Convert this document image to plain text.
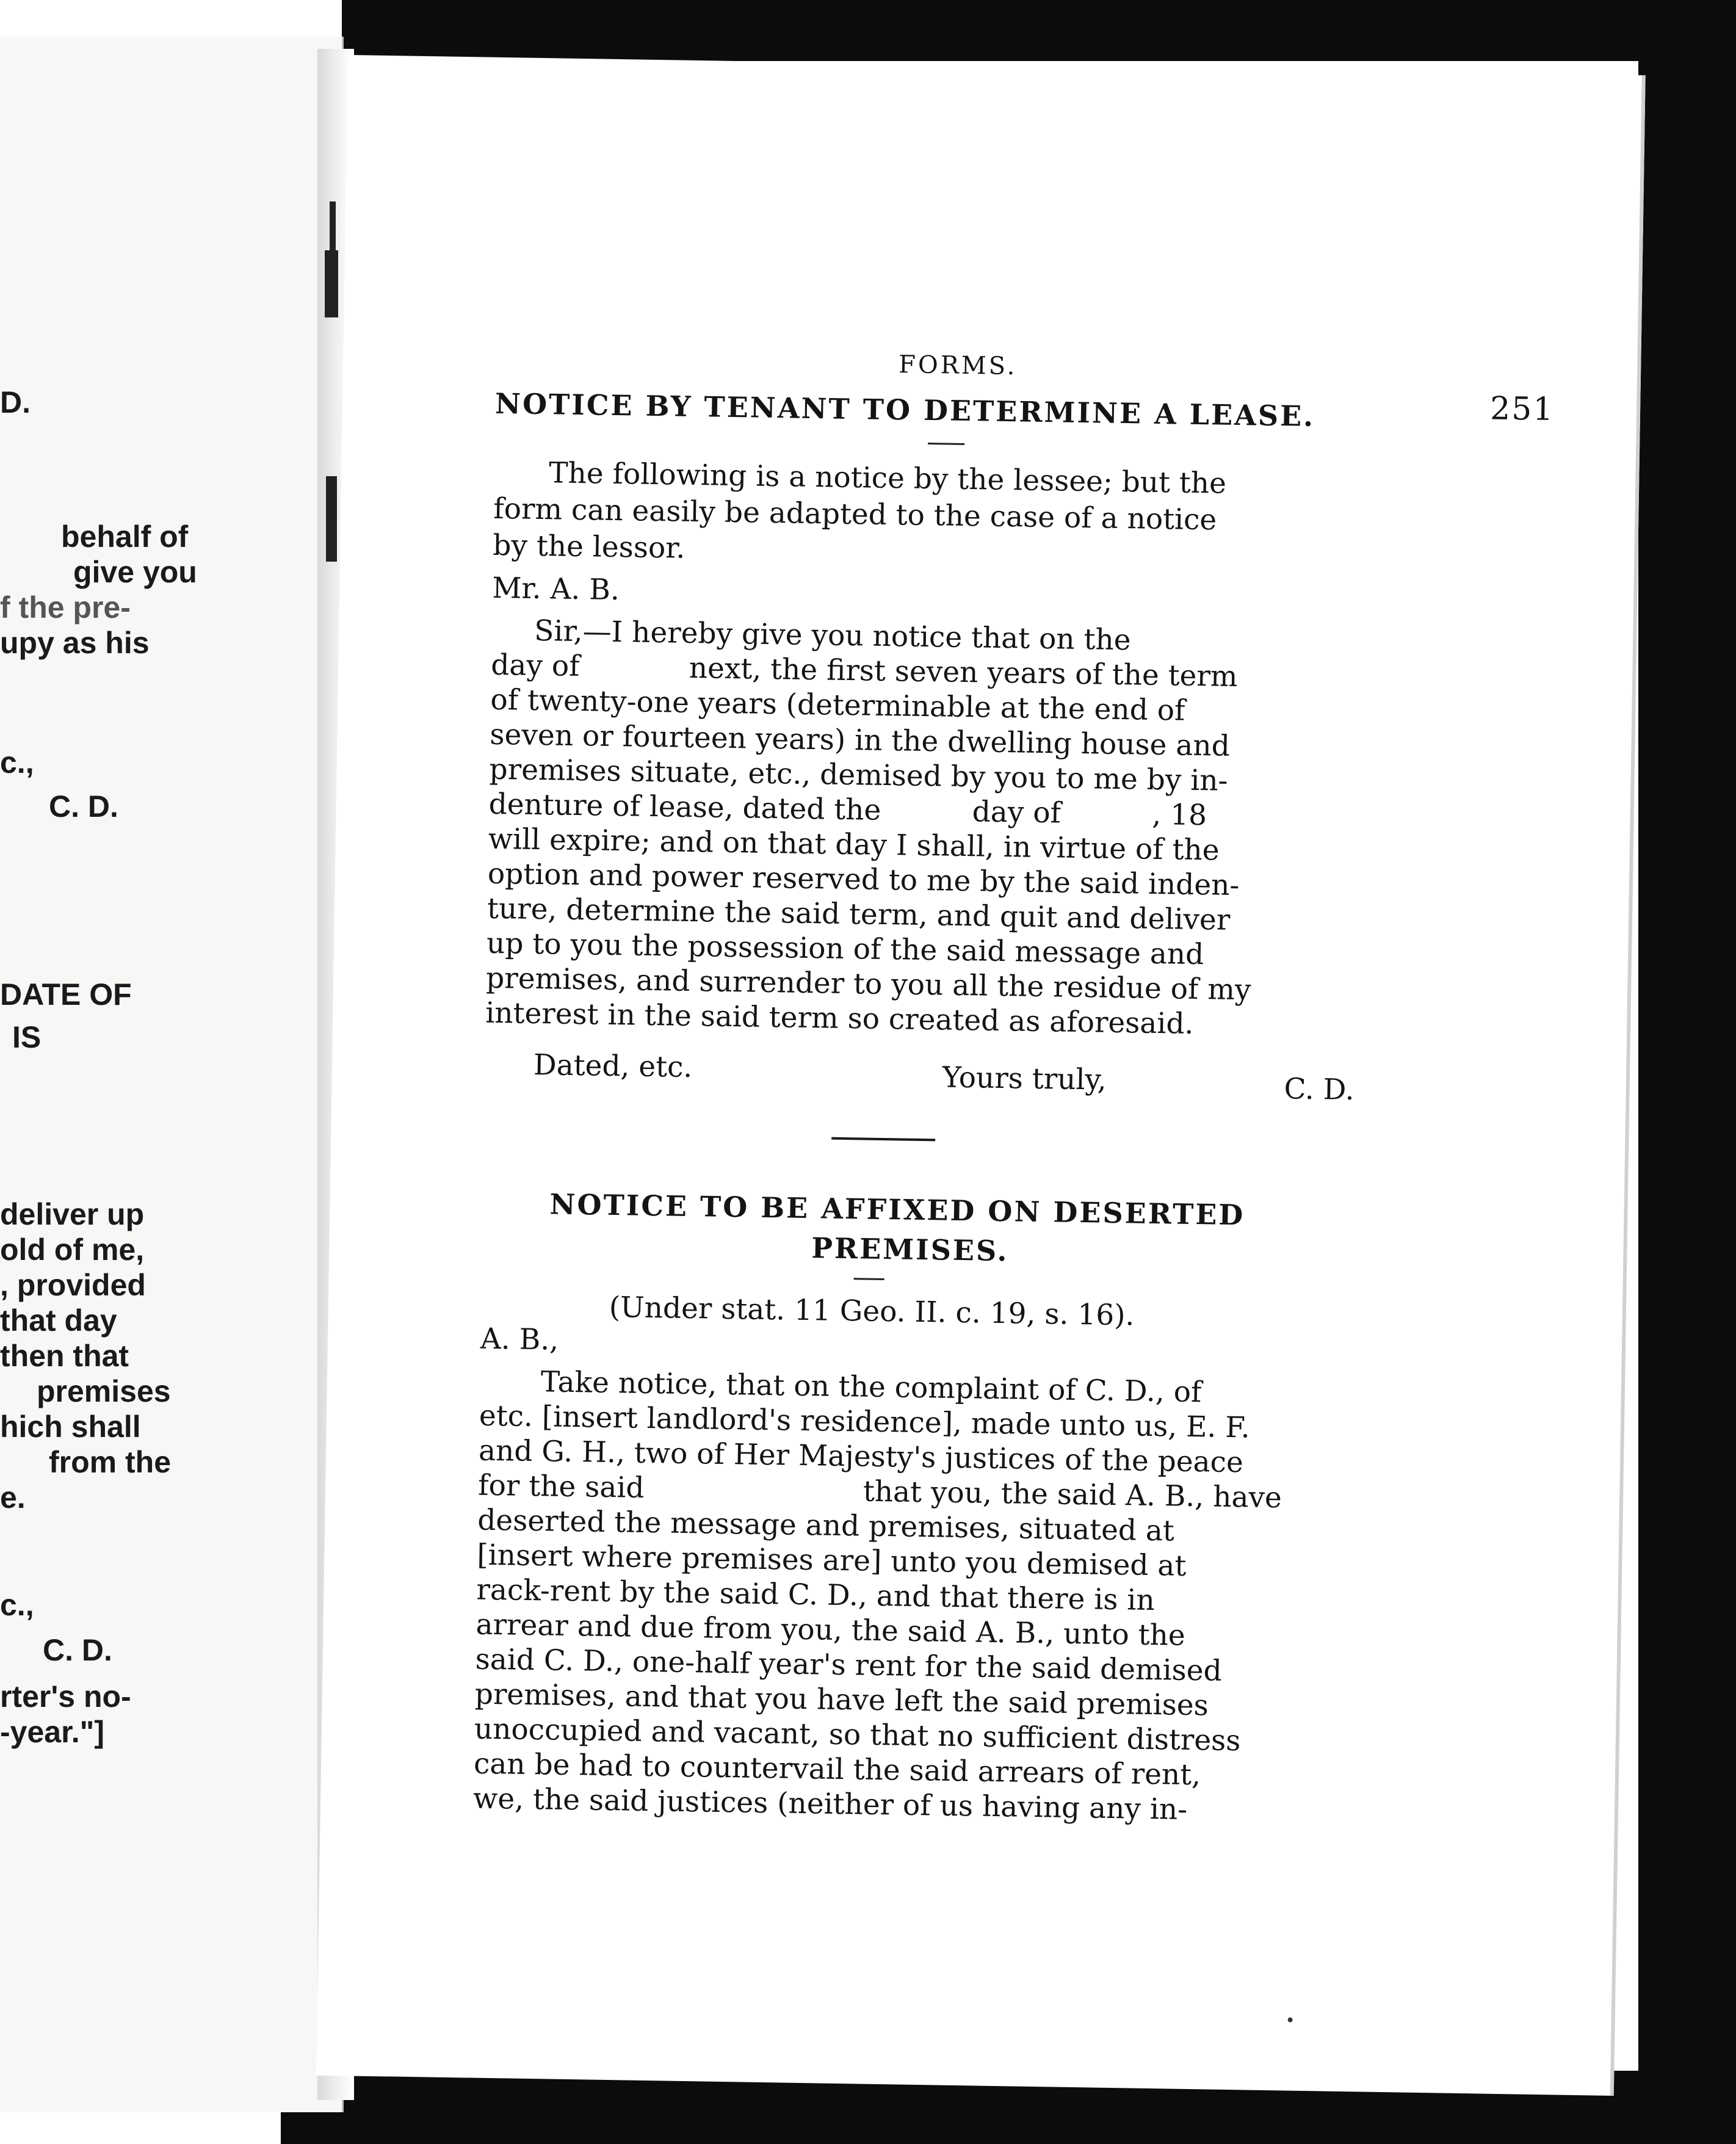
D.
behalf of
give you
f the pre-
upy as his
c.,
C. D.
DATE OF
IS
deliver up
old of me,
, provided
that day
then that
premises
hich shall
from the
e.
c.,
C. D.
rter's no-
-year."]
FORMS.
251
NOTICE BY TENANT TO DETERMINE A LEASE.
The following is a notice by the lessee; but the
form can easily be adapted to the case of a notice
by the lessor.
Mr. A. B.
Sir,—I hereby give you notice that on the
day of            next, the first seven years of the term
of twenty-one years (determinable at the end of
seven or fourteen years) in the dwelling house and
premises situate, etc., demised by you to me by in-
denture of lease, dated the          day of          , 18
will expire; and on that day I shall, in virtue of the
option and power reserved to me by the said inden-
ture, determine the said term, and quit and deliver
up to you the possession of the said message and
premises, and surrender to you all the residue of my
interest in the said term so created as aforesaid.
Dated, etc.	Yours truly,	C. D.
NOTICE TO BE AFFIXED ON DESERTED
PREMISES.
(Under stat. 11 Geo. II. c. 19, s. 16).
A. B.,
Take notice, that on the complaint of C. D., of
etc. [insert landlord's residence], made unto us, E. F.
and G. H., two of Her Majesty's justices of the peace
for the said                        that you, the said A. B., have
deserted the message and premises, situated at
[insert where premises are] unto you demised at
rack-rent by the said C. D., and that there is in
arrear and due from you, the said A. B., unto the
said C. D., one-half year's rent for the said demised
premises, and that you have left the said premises
unoccupied and vacant, so that no sufficient distress
can be had to countervail the said arrears of rent,
we, the said justices (neither of us having any in-
